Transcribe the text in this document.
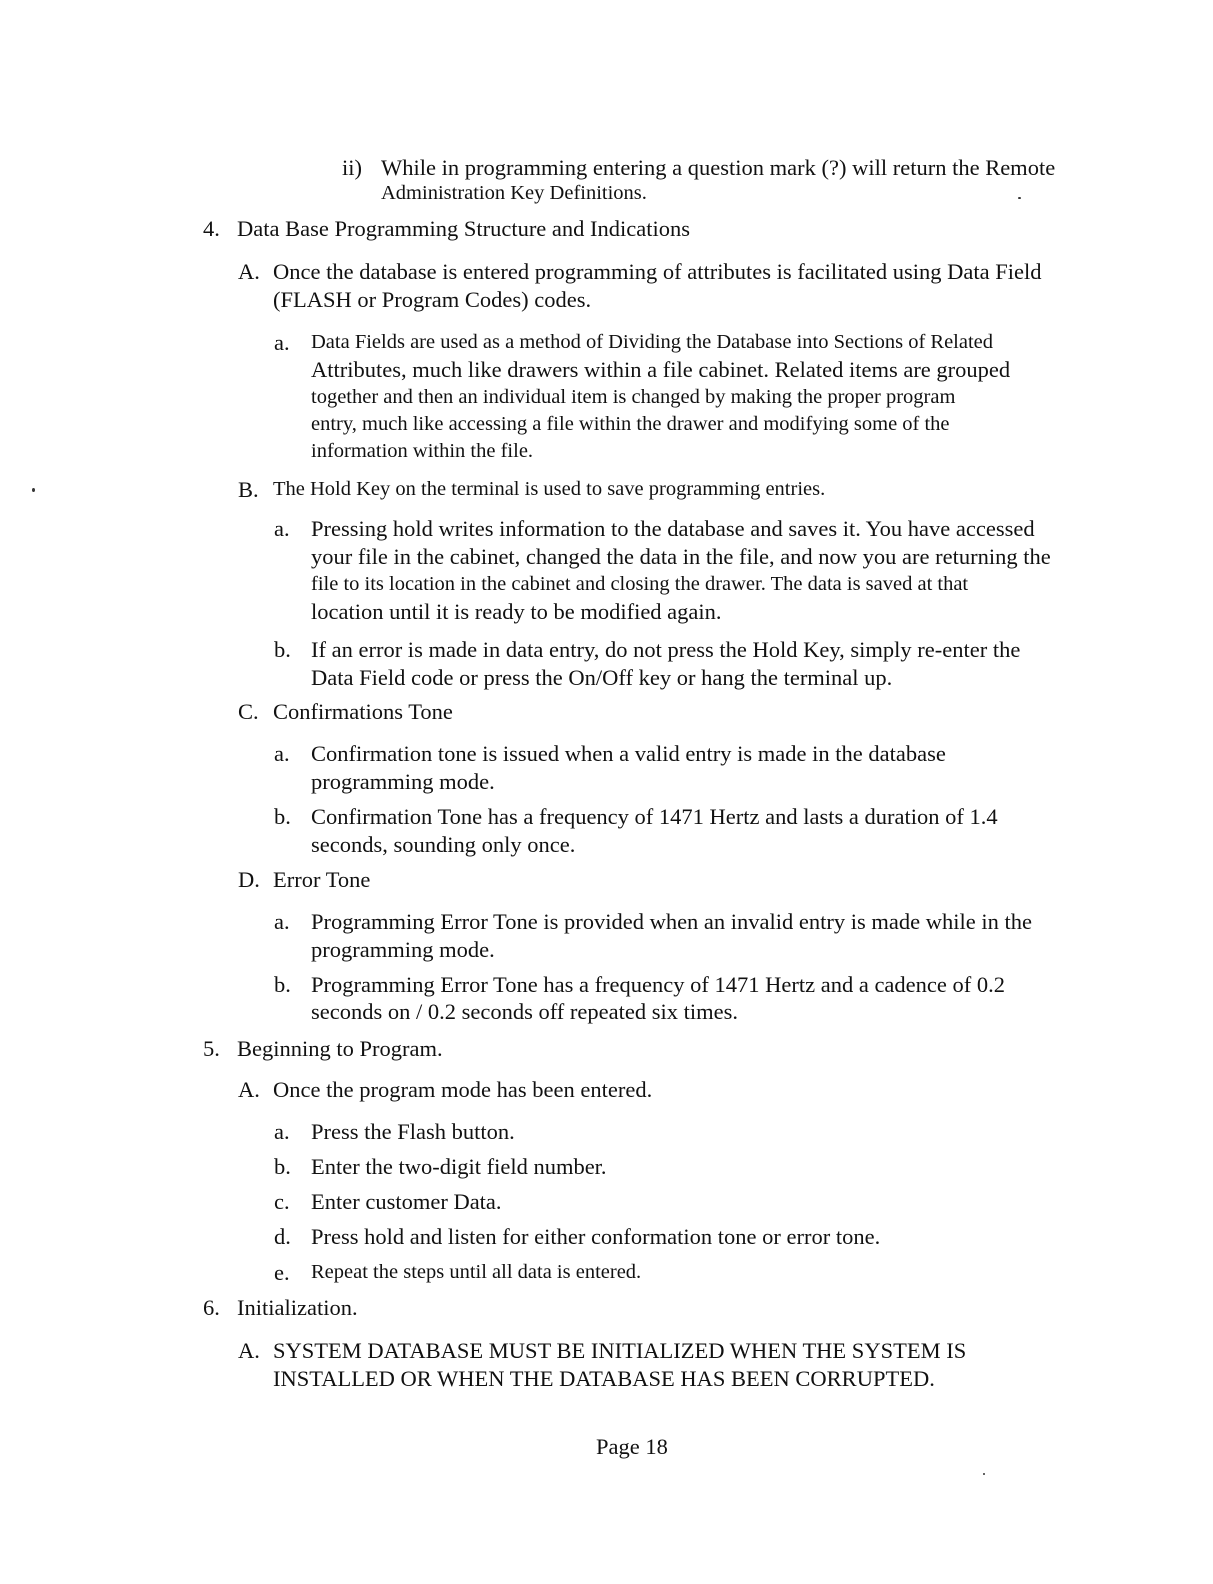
ii) While in programming entering a question mark (?) will return the Remote
Administration Key Definitions.
4. Data Base Programming Structure and Indications
A. Once the database is entered programming of attributes is facilitated using Data Field
(FLASH or Program Codes) codes.
a. Data Fields are used as a method of Dividing the Database into Sections of Related
Attributes, much like drawers within a file cabinet. Related items are grouped
together and then an individual item is changed by making the proper program
entry, much like accessing a file within the drawer and modifying some of the
information within the file.
B. The Hold Key on the terminal is used to save programming entries.
a. Pressing hold writes information to the database and saves it. You have accessed
your file in the cabinet, changed the data in the file, and now you are returning the
file to its location in the cabinet and closing the drawer. The data is saved at that
location until it is ready to be modified again.
b. If an error is made in data entry, do not press the Hold Key, simply re-enter the
Data Field code or press the On/Off key or hang the terminal up.
C. Confirmations Tone
a. Confirmation tone is issued when a valid entry is made in the database
programming mode.
b. Confirmation Tone has a frequency of 1471 Hertz and lasts a duration of 1.4
seconds, sounding only once.
D. Error Tone
a. Programming Error Tone is provided when an invalid entry is made while in the
programming mode.
b. Programming Error Tone has a frequency of 1471 Hertz and a cadence of 0.2
seconds on / 0.2 seconds off repeated six times.
5. Beginning to Program.
A. Once the program mode has been entered.
a. Press the Flash button.
b. Enter the two-digit field number.
c. Enter customer Data.
d. Press hold and listen for either conformation tone or error tone.
e. Repeat the steps until all data is entered.
6. Initialization.
A. SYSTEM DATABASE MUST BE INITIALIZED WHEN THE SYSTEM IS
INSTALLED OR WHEN THE DATABASE HAS BEEN CORRUPTED.
Page 18
